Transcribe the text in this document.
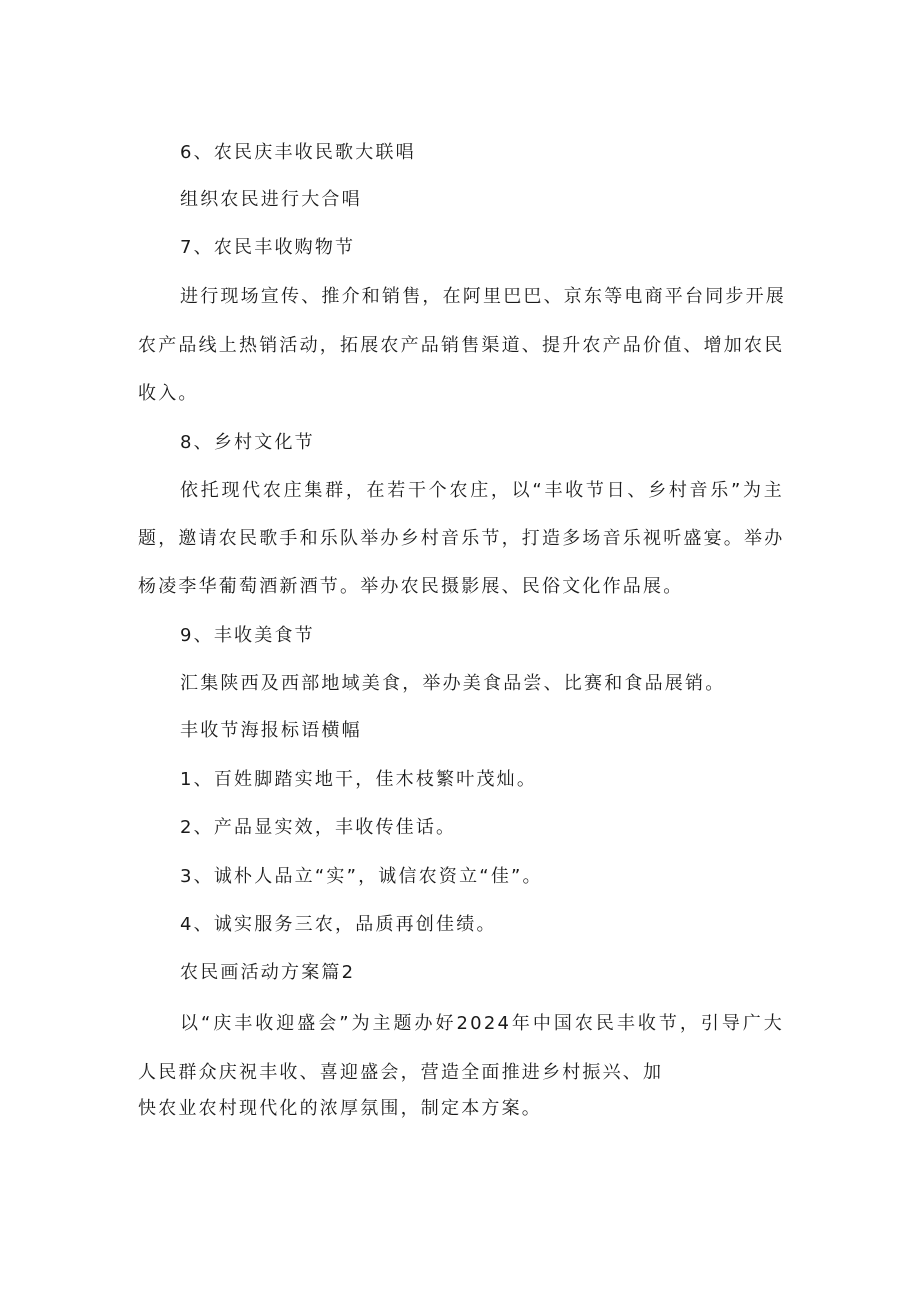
6、农民庆丰收民歌大联唱
组织农民进行大合唱
7、农民丰收购物节
进行现场宣传、推介和销售，在阿里巴巴、京东等电商平台同步开展
农产品线上热销活动，拓展农产品销售渠道、提升农产品价值、增加农民
收入。
8、乡村文化节
依托现代农庄集群，在若干个农庄，以“丰收节日、乡村音乐”为主
题，邀请农民歌手和乐队举办乡村音乐节，打造多场音乐视听盛宴。举办
杨凌李华葡萄酒新酒节。举办农民摄影展、民俗文化作品展。
9、丰收美食节
汇集陕西及西部地域美食，举办美食品尝、比赛和食品展销。
丰收节海报标语横幅
1、百姓脚踏实地干，佳木枝繁叶茂灿。
2、产品显实效，丰收传佳话。
3、诚朴人品立“实”，诚信农资立“佳”。
4、诚实服务三农，品质再创佳绩。
农民画活动方案篇2
以“庆丰收迎盛会”为主题办好2024年中国农民丰收节，引导广大
人民群众庆祝丰收、喜迎盛会，营造全面推进乡村振兴、加
快农业农村现代化的浓厚氛围，制定本方案。
